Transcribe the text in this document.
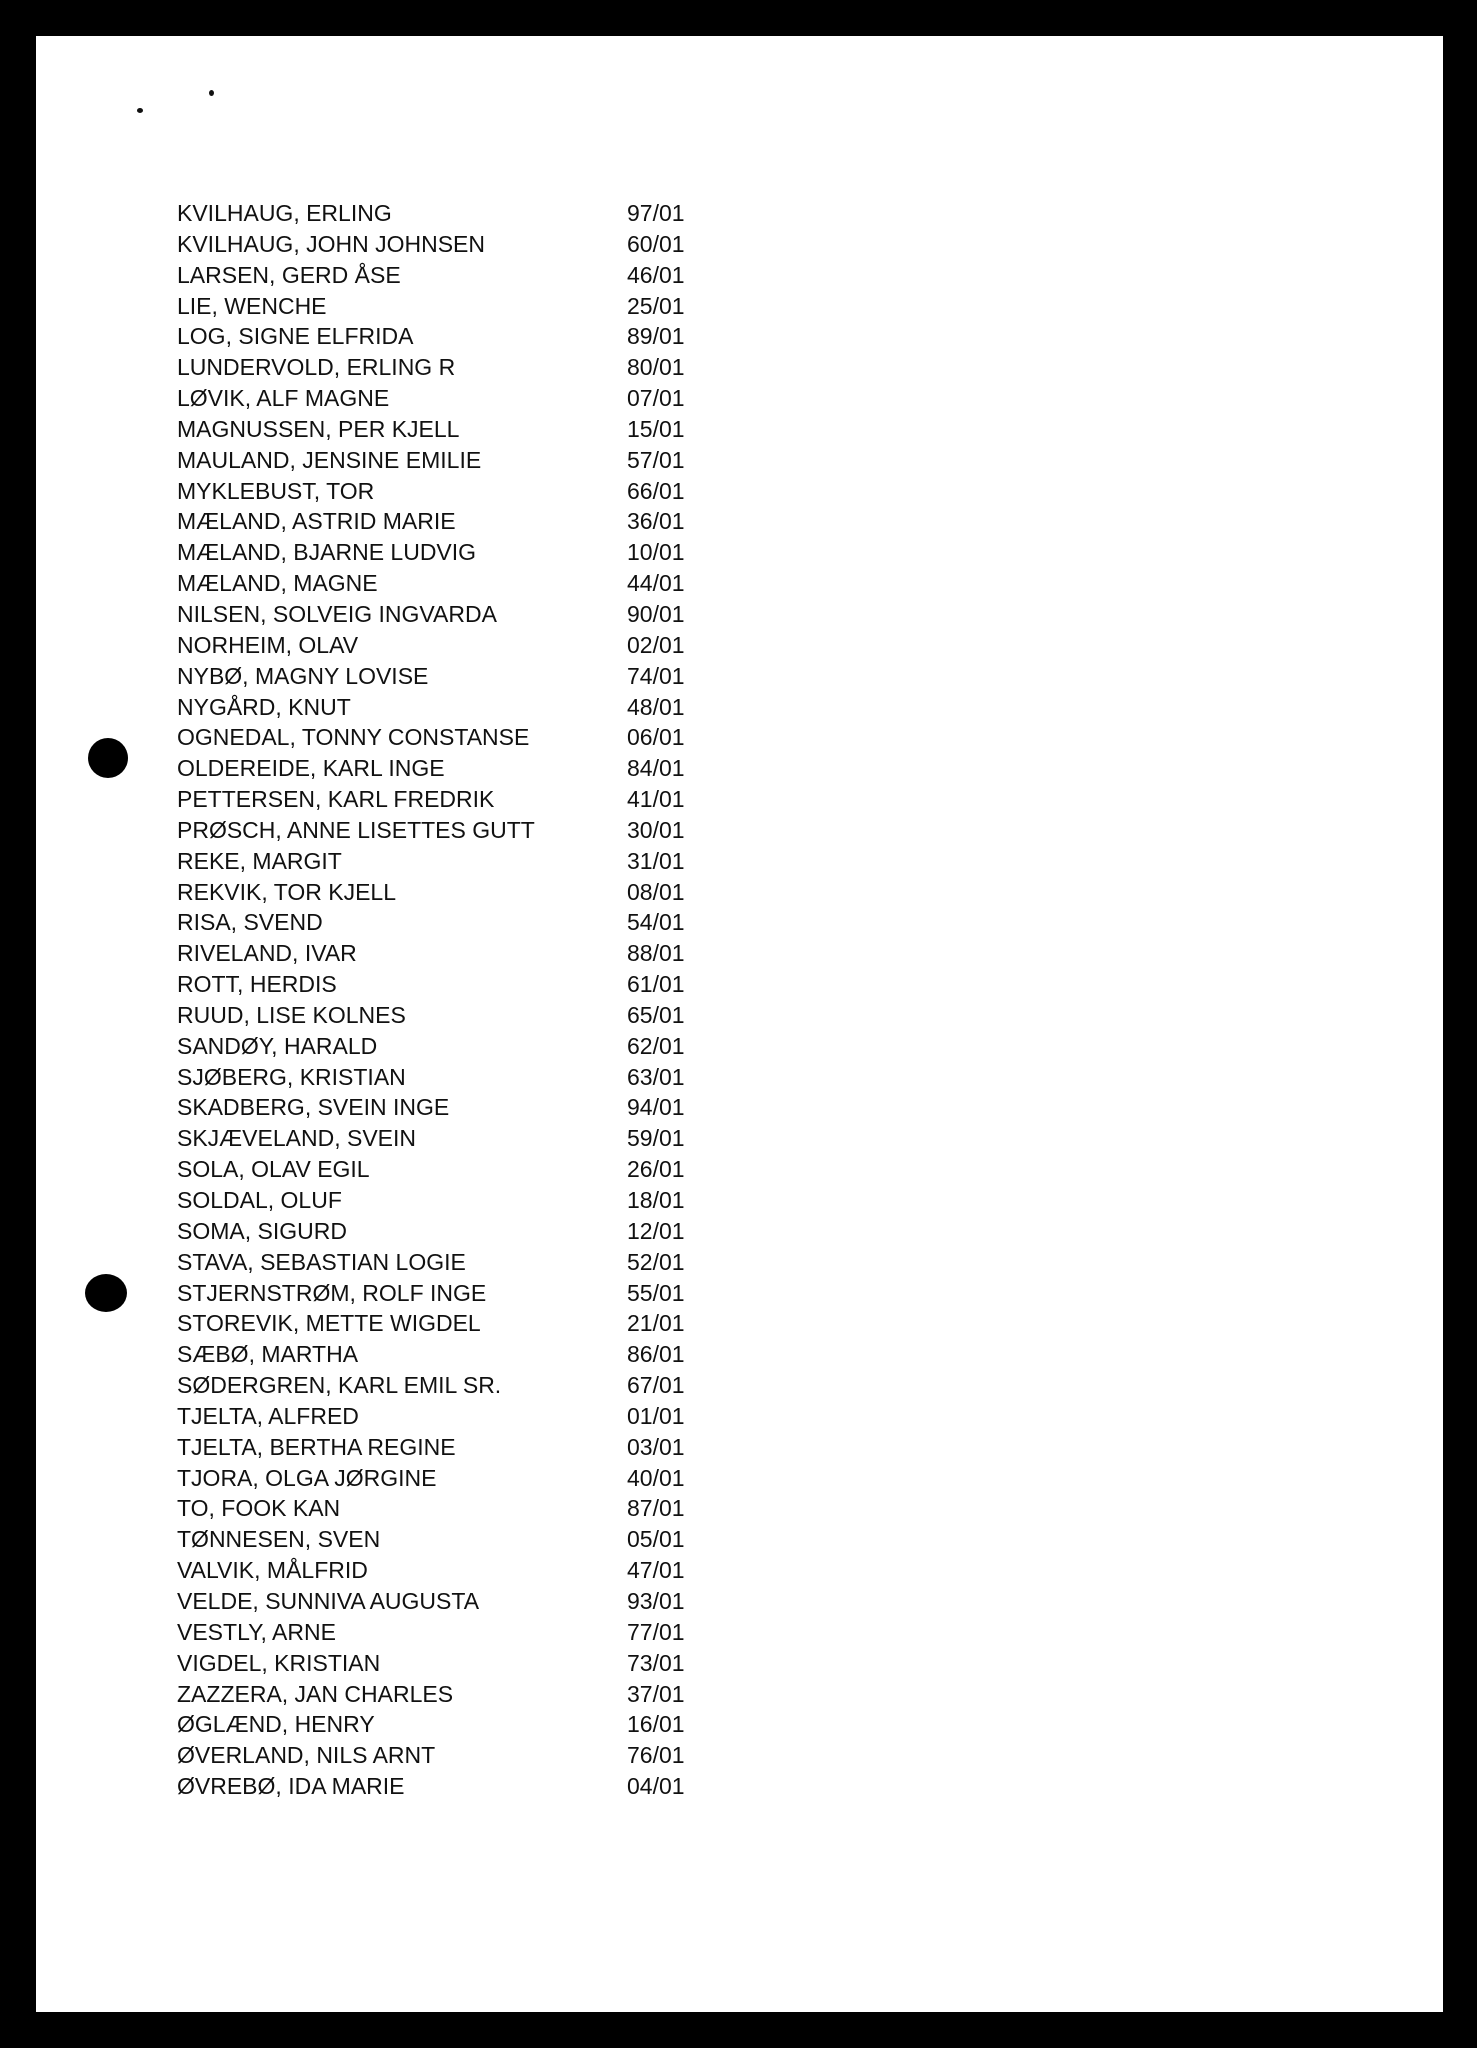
KVILHAUG, ERLING	97/01
KVILHAUG, JOHN JOHNSEN	60/01
LARSEN, GERD ÅSE	46/01
LIE, WENCHE	25/01
LOG, SIGNE ELFRIDA	89/01
LUNDERVOLD, ERLING R	80/01
LØVIK, ALF MAGNE	07/01
MAGNUSSEN, PER KJELL	15/01
MAULAND, JENSINE EMILIE	57/01
MYKLEBUST, TOR	66/01
MÆLAND, ASTRID MARIE	36/01
MÆLAND, BJARNE LUDVIG	10/01
MÆLAND, MAGNE	44/01
NILSEN, SOLVEIG INGVARDA	90/01
NORHEIM, OLAV	02/01
NYBØ, MAGNY LOVISE	74/01
NYGÅRD, KNUT	48/01
OGNEDAL, TONNY CONSTANSE	06/01
OLDEREIDE, KARL INGE	84/01
PETTERSEN, KARL FREDRIK	41/01
PRØSCH, ANNE LISETTES GUTT	30/01
REKE, MARGIT	31/01
REKVIK, TOR KJELL	08/01
RISA, SVEND	54/01
RIVELAND, IVAR	88/01
ROTT, HERDIS	61/01
RUUD, LISE KOLNES	65/01
SANDØY, HARALD	62/01
SJØBERG, KRISTIAN	63/01
SKADBERG, SVEIN INGE	94/01
SKJÆVELAND, SVEIN	59/01
SOLA, OLAV EGIL	26/01
SOLDAL, OLUF	18/01
SOMA, SIGURD	12/01
STAVA, SEBASTIAN LOGIE	52/01
STJERNSTRØM, ROLF INGE	55/01
STOREVIK, METTE WIGDEL	21/01
SÆBØ, MARTHA	86/01
SØDERGREN, KARL EMIL SR.	67/01
TJELTA, ALFRED	01/01
TJELTA, BERTHA REGINE	03/01
TJORA, OLGA JØRGINE	40/01
TO, FOOK KAN	87/01
TØNNESEN, SVEN	05/01
VALVIK, MÅLFRID	47/01
VELDE, SUNNIVA AUGUSTA	93/01
VESTLY, ARNE	77/01
VIGDEL, KRISTIAN	73/01
ZAZZERA, JAN CHARLES	37/01
ØGLÆND, HENRY	16/01
ØVERLAND, NILS ARNT	76/01
ØVREBØ, IDA MARIE	04/01
